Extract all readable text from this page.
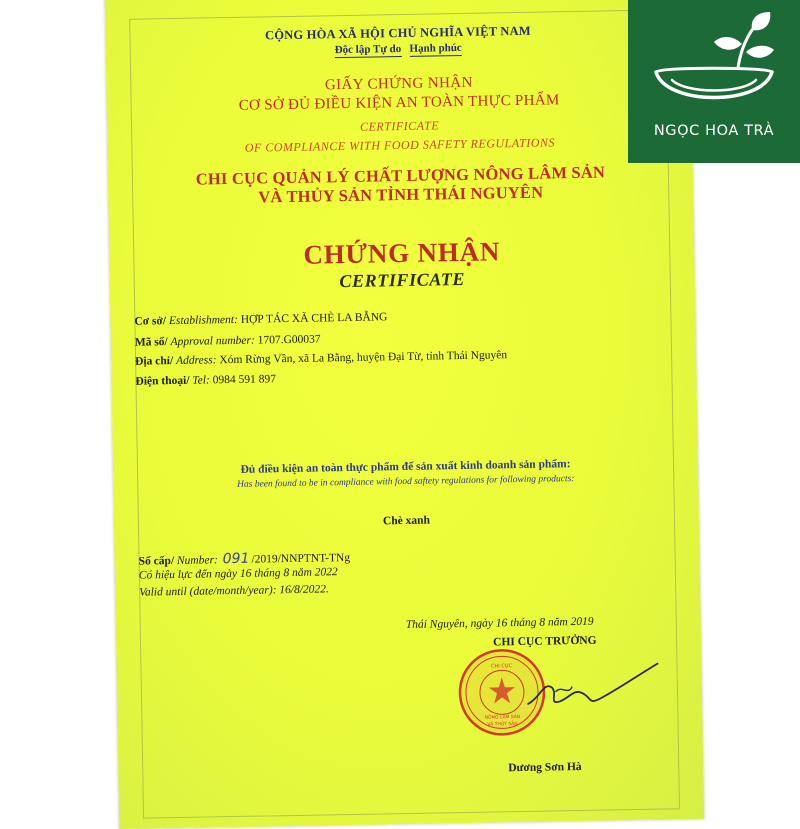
CỘNG HÒA XÃ HỘI CHỦ NGHĨA VIỆT NAM
Độc lập Tự do Hạnh phúc
GIẤY CHỨNG NHẬN
CƠ SỞ ĐỦ ĐIỀU KIỆN AN TOÀN THỰC PHẨM
CERTIFICATE
OF COMPLIANCE WITH FOOD SAFETY REGULATIONS
CHI CỤC QUẢN LÝ CHẤT LƯỢNG NÔNG LÂM SẢN
VÀ THỦY SẢN TỈNH THÁI NGUYÊN
CHỨNG NHẬN
CERTIFICATE
Cơ sở/ Establishment: HỢP TÁC XÃ CHÈ LA BẰNG
Mã số/ Approval number: 1707.G00037
Địa chỉ/ Address: Xóm Rừng Vần, xã La Bằng, huyện Đại Từ, tỉnh Thái Nguyên
Điện thoại/ Tel: 0984 591 897
Đủ điều kiện an toàn thực phẩm để sản xuất kinh doanh sản phẩm:
Has been found to be in compliance with food saftety regulations for following products:
Chè xanh
Số cấp/ Number: 091 /2019/NNPTNT-TNg
Có hiệu lực đến ngày 16 tháng 8 năm 2022
Valid until (date/month/year): 16/8/2022.
Thái Nguyên, ngày 16 tháng 8 năm 2019
CHI CỤC TRƯỞNG
CHI CỤC
NÔNG LÂM SẢN
VÀ THỦY SẢN
Dương Sơn Hà
NGỌC HOA TRÀ
